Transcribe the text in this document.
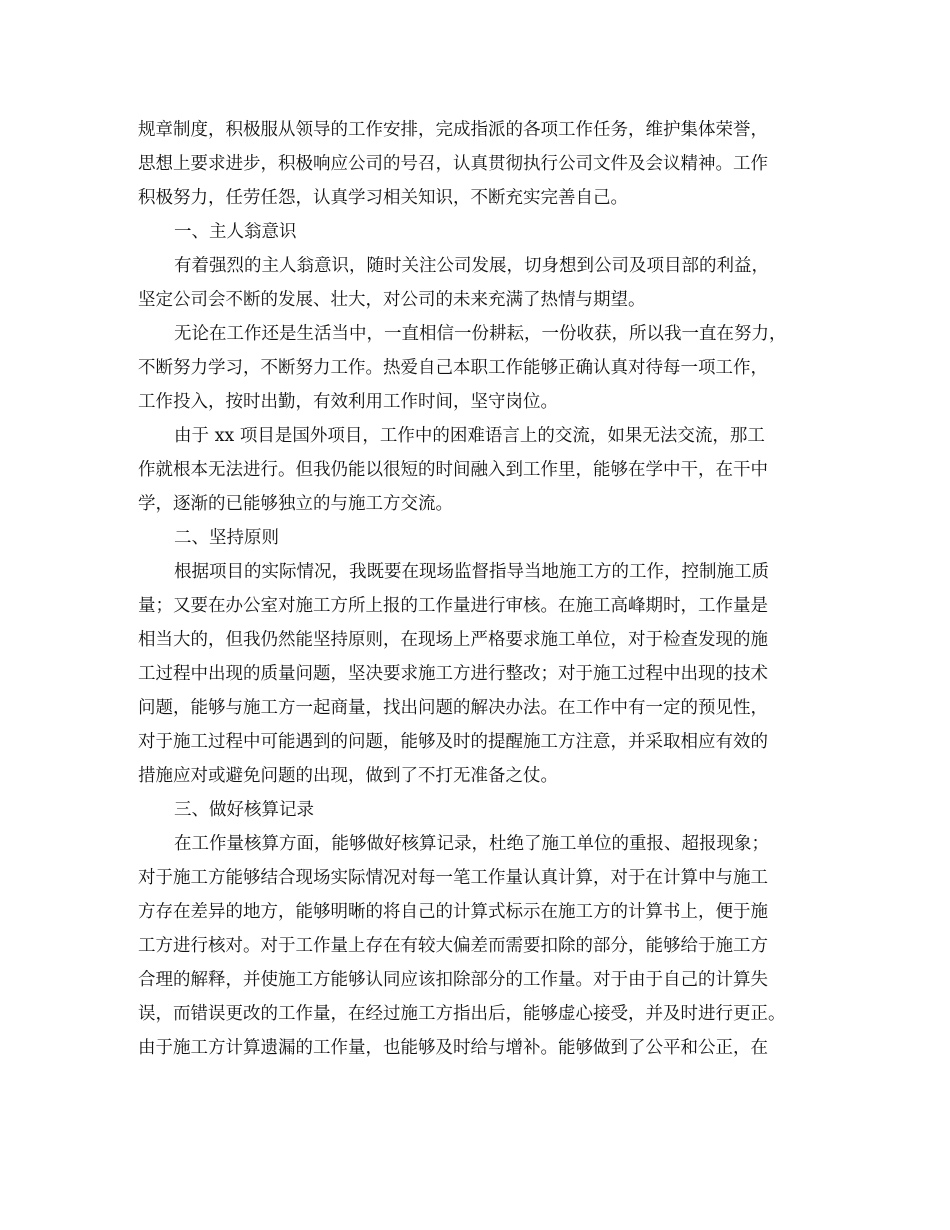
规章制度，积极服从领导的工作安排，完成指派的各项工作任务，维护集体荣誉，
思想上要求进步，积极响应公司的号召，认真贯彻执行公司文件及会议精神。工作
积极努力，任劳任怨，认真学习相关知识，不断充实完善自己。
一、主人翁意识
有着强烈的主人翁意识，随时关注公司发展，切身想到公司及项目部的利益，
坚定公司会不断的发展、壮大，对公司的未来充满了热情与期望。
无论在工作还是生活当中，一直相信一份耕耘，一份收获，所以我一直在努力，
不断努力学习，不断努力工作。热爱自己本职工作能够正确认真对待每一项工作，
工作投入，按时出勤，有效利用工作时间，坚守岗位。
由于 xx 项目是国外项目，工作中的困难语言上的交流，如果无法交流，那工
作就根本无法进行。但我仍能以很短的时间融入到工作里，能够在学中干，在干中
学，逐渐的已能够独立的与施工方交流。
二、坚持原则
根据项目的实际情况，我既要在现场监督指导当地施工方的工作，控制施工质
量；又要在办公室对施工方所上报的工作量进行审核。在施工高峰期时，工作量是
相当大的，但我仍然能坚持原则，在现场上严格要求施工单位，对于检查发现的施
工过程中出现的质量问题，坚决要求施工方进行整改；对于施工过程中出现的技术
问题，能够与施工方一起商量，找出问题的解决办法。在工作中有一定的预见性，
对于施工过程中可能遇到的问题，能够及时的提醒施工方注意，并采取相应有效的
措施应对或避免问题的出现，做到了不打无准备之仗。
三、做好核算记录
在工作量核算方面，能够做好核算记录，杜绝了施工单位的重报、超报现象；
对于施工方能够结合现场实际情况对每一笔工作量认真计算，对于在计算中与施工
方存在差异的地方，能够明晰的将自己的计算式标示在施工方的计算书上，便于施
工方进行核对。对于工作量上存在有较大偏差而需要扣除的部分，能够给于施工方
合理的解释，并使施工方能够认同应该扣除部分的工作量。对于由于自己的计算失
误，而错误更改的工作量，在经过施工方指出后，能够虚心接受，并及时进行更正。
由于施工方计算遗漏的工作量，也能够及时给与增补。能够做到了公平和公正，在
